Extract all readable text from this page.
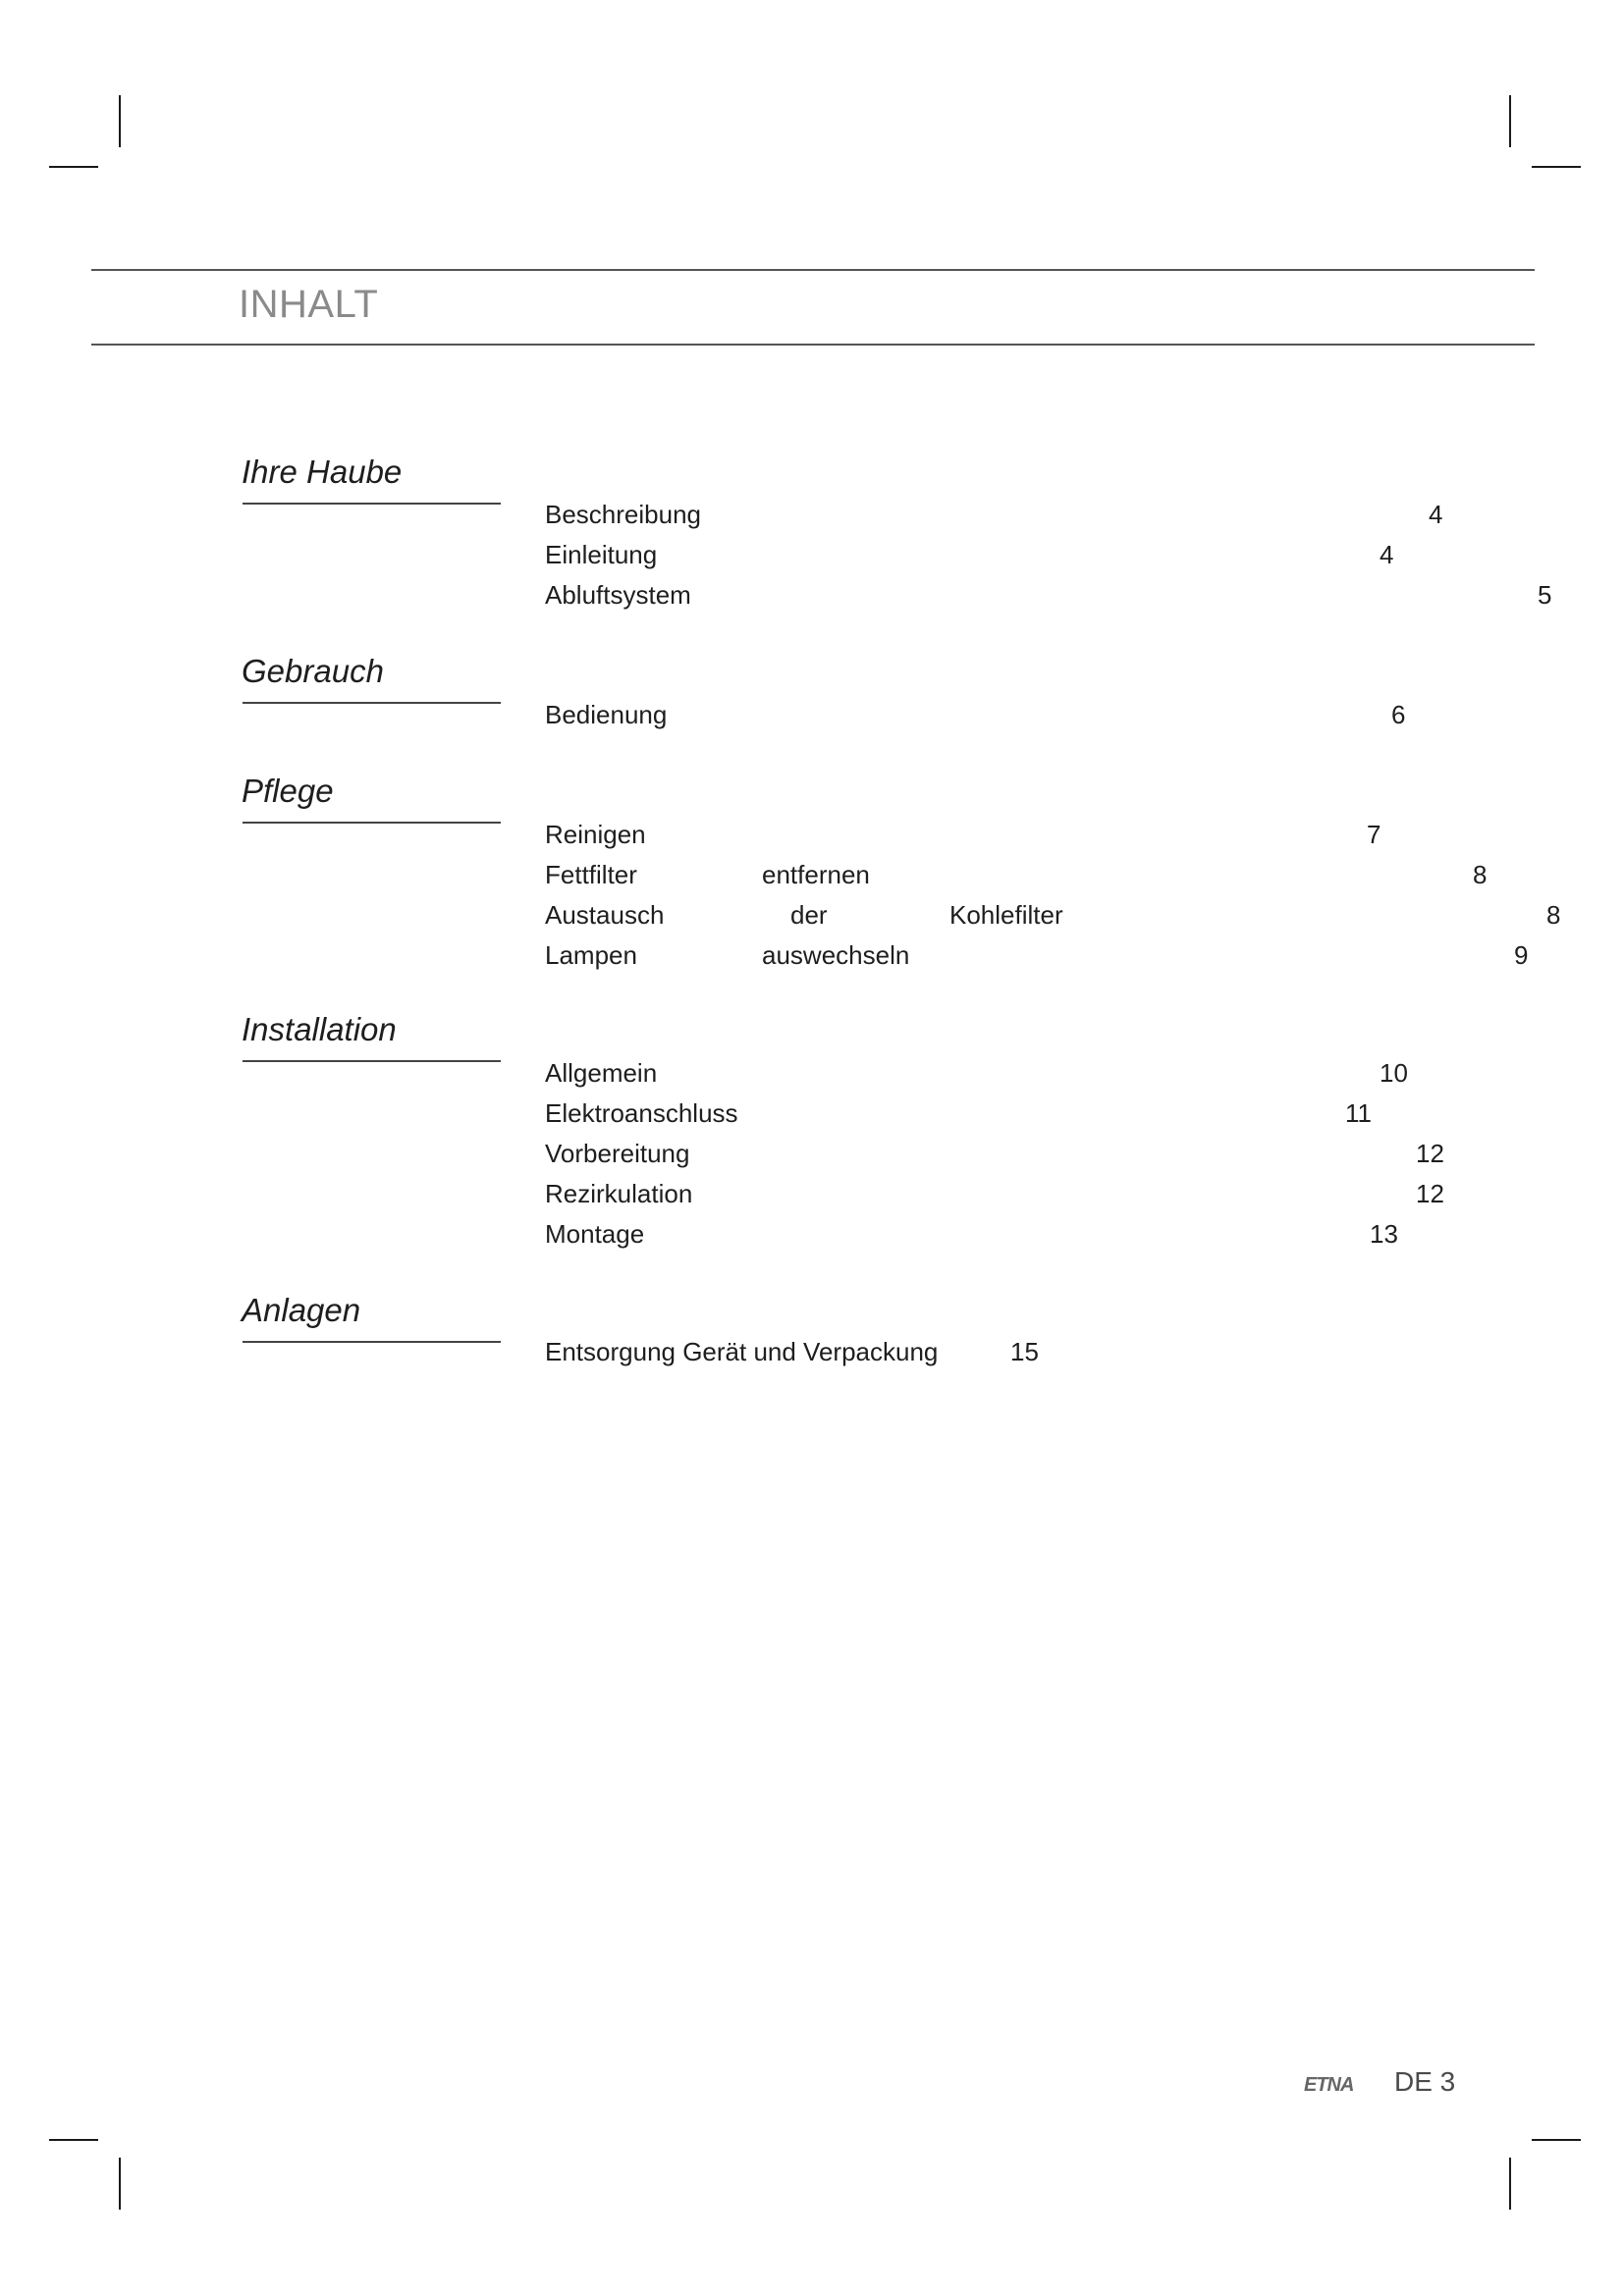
INHALT
Ihre Haube
Beschreibung	4
Einleitung	4
Abluftsystem	5
Gebrauch
Bedienung	6
Pflege
Reinigen	7
Fettfilter	entfernen	8
Austausch	der	Kohlefilter	8
Lampen	auswechseln	9
Installation
Allgemein	10
Elektroanschluss	11
Vorbereitung	12
Rezirkulation	12
Montage	13
Anlagen
Entsorgung Gerät und Verpackung	15
ETNA DE 3
